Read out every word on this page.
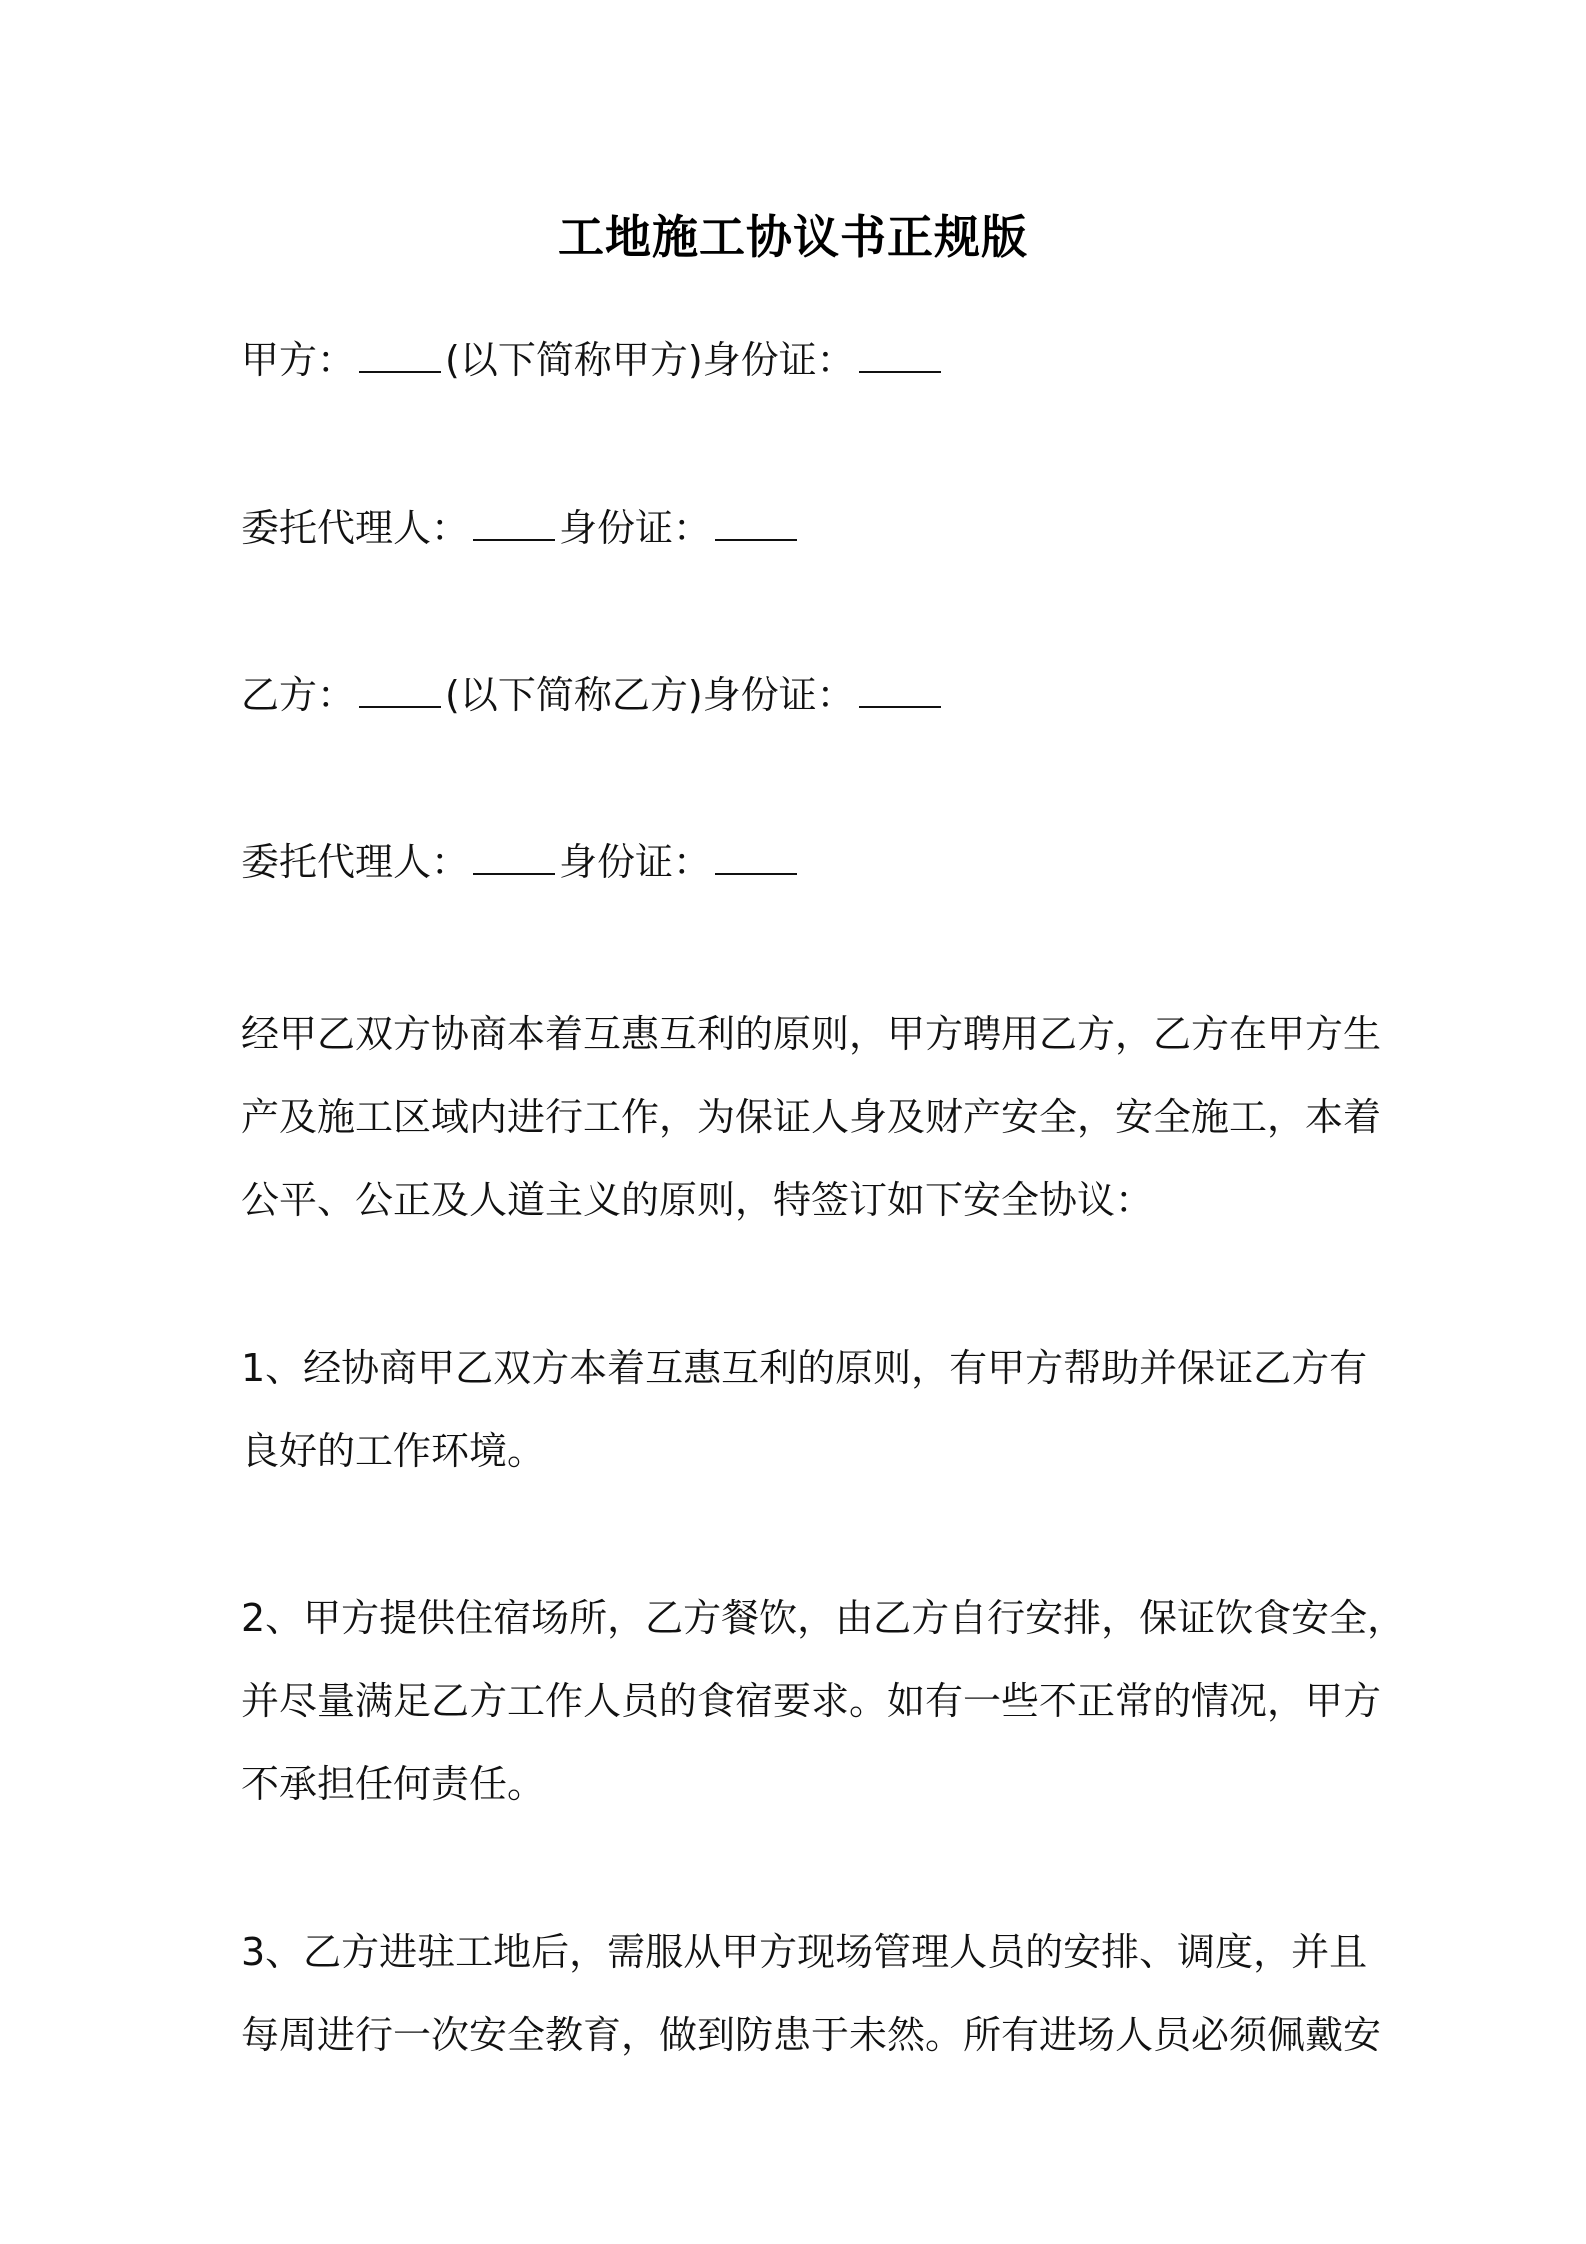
工地施工协议书正规版
甲方： (以下简称甲方)身份证：
委托代理人： 身份证：
乙方： (以下简称乙方)身份证：
委托代理人： 身份证：
经甲乙双方协商本着互惠互利的原则，甲方聘用乙方，乙方在甲方生
产及施工区域内进行工作，为保证人身及财产安全，安全施工，本着
公平、公正及人道主义的原则，特签订如下安全协议：
1、经协商甲乙双方本着互惠互利的原则，有甲方帮助并保证乙方有
良好的工作环境。
2、甲方提供住宿场所，乙方餐饮，由乙方自行安排，保证饮食安全，
并尽量满足乙方工作人员的食宿要求。如有一些不正常的情况，甲方
不承担任何责任。
3、乙方进驻工地后，需服从甲方现场管理人员的安排、调度，并且
每周进行一次安全教育，做到防患于未然。所有进场人员必须佩戴安
